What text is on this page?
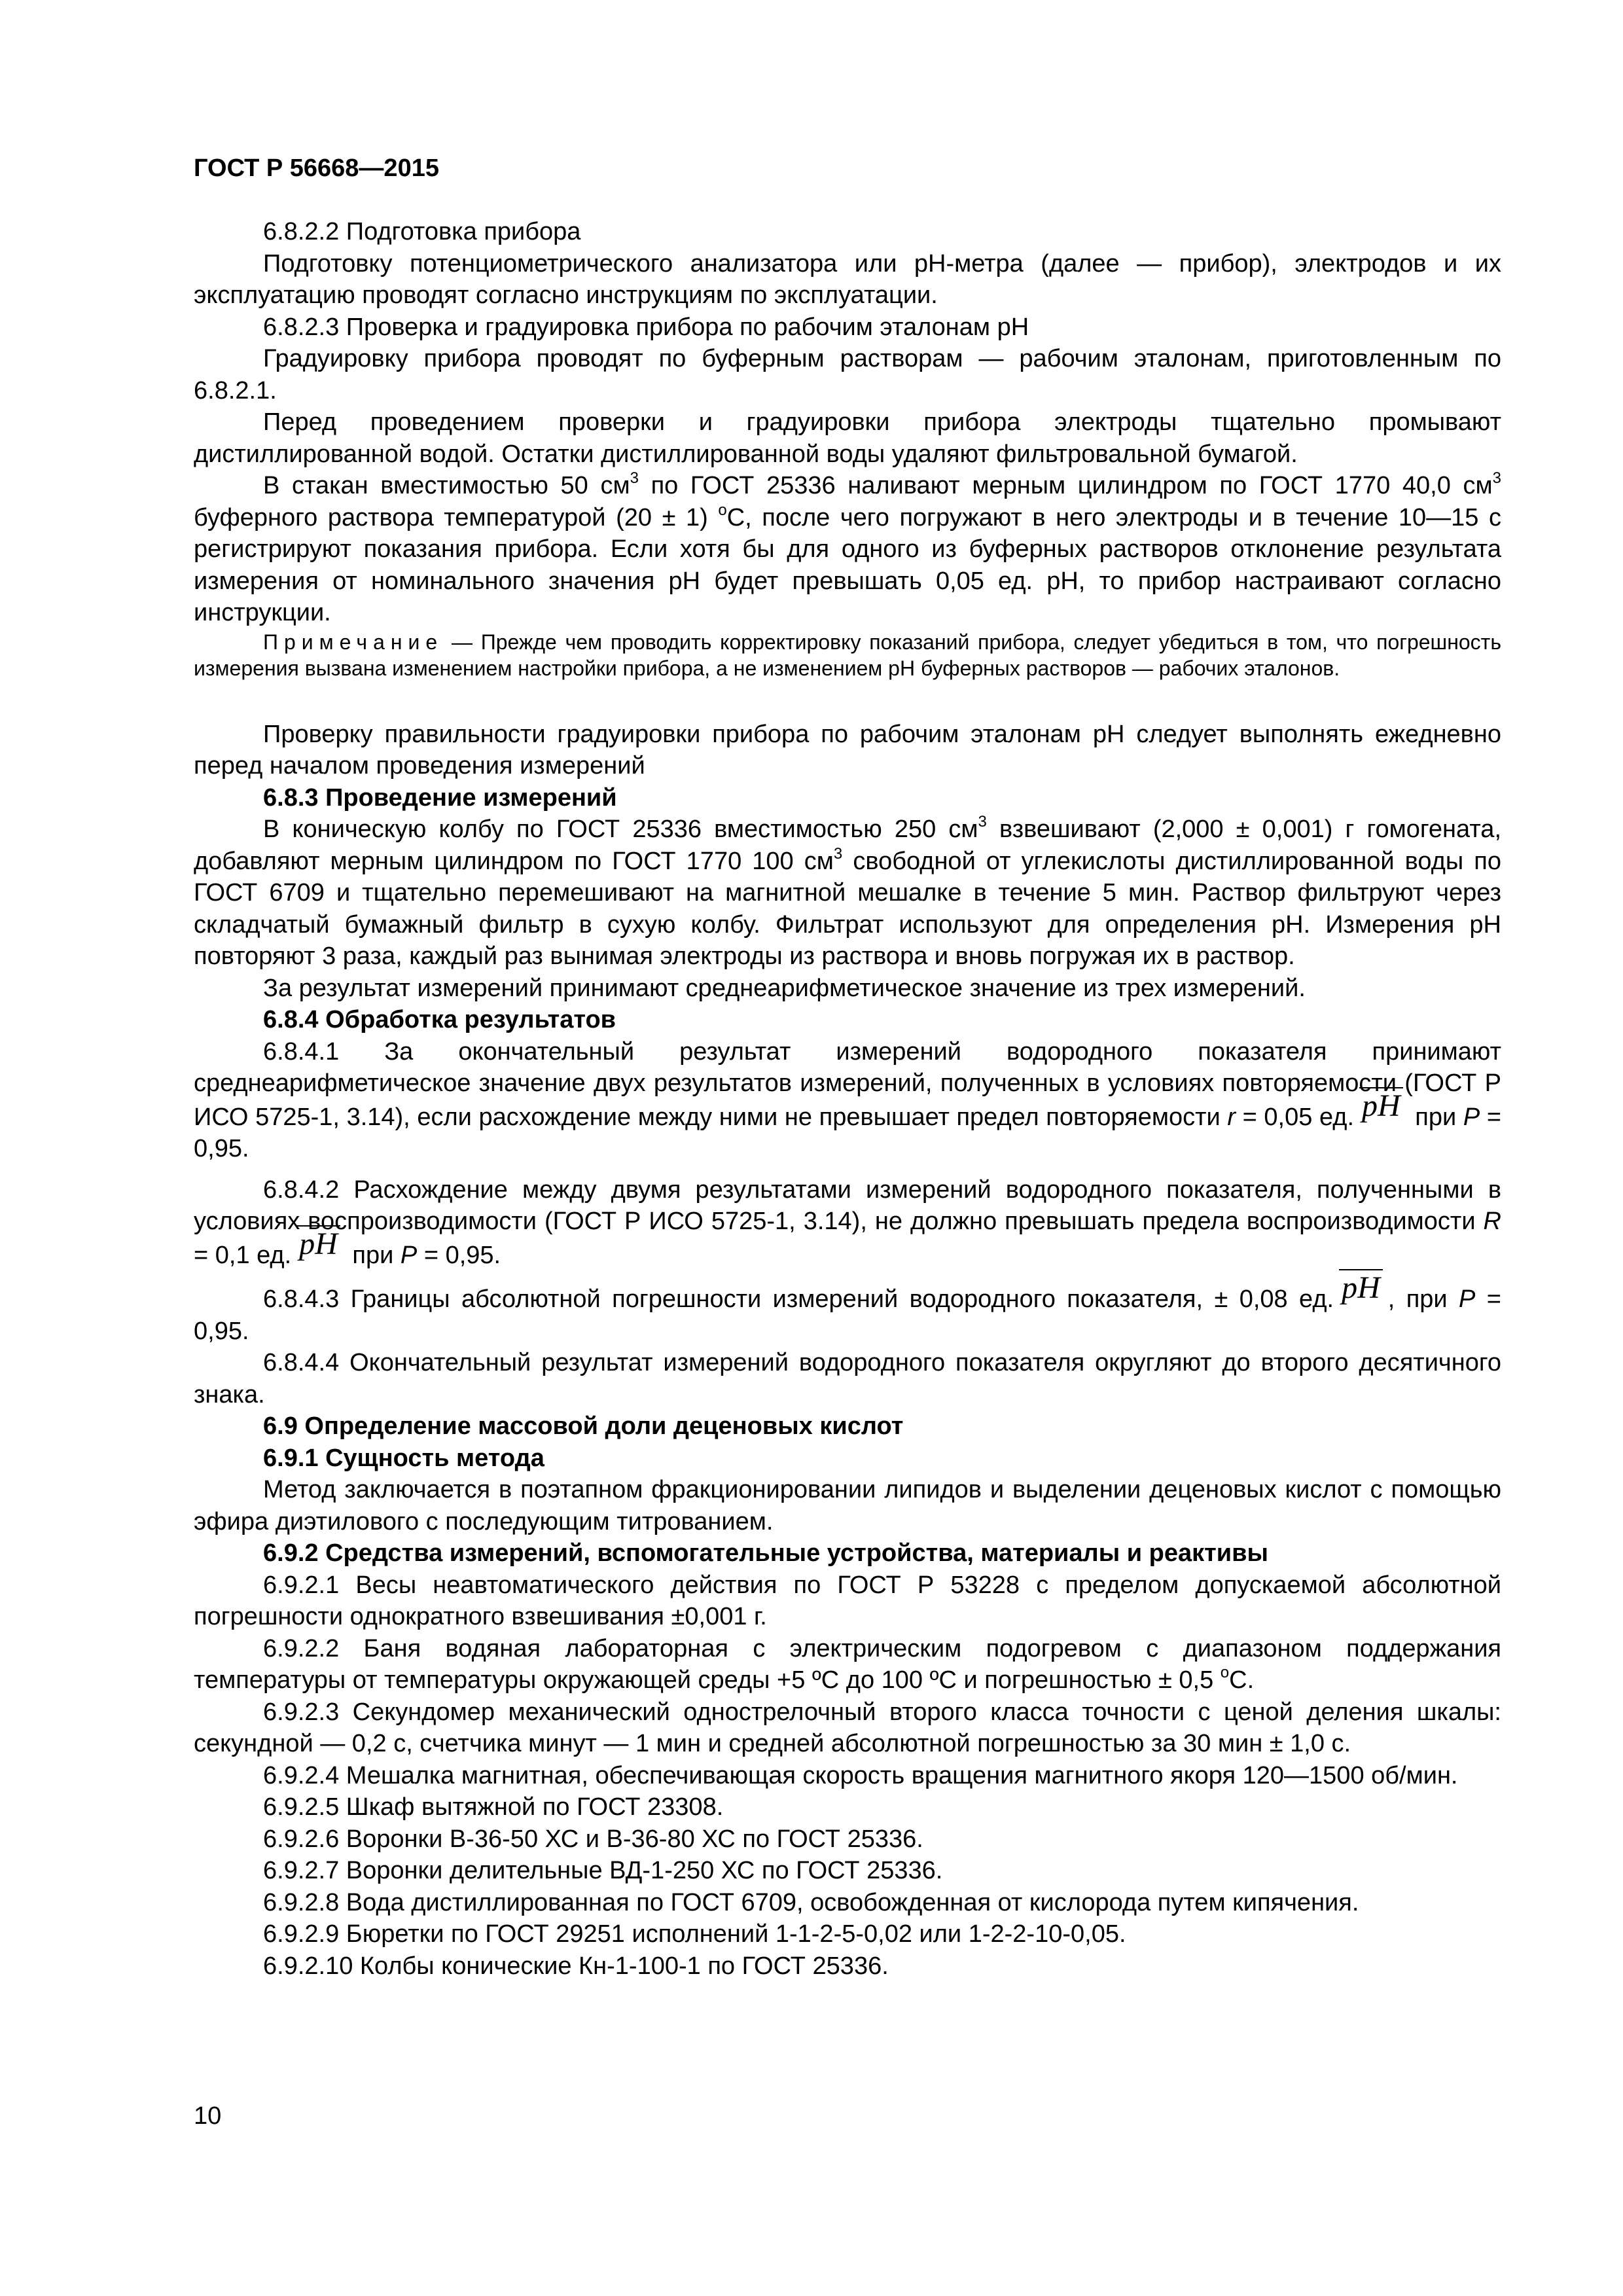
ГОСТ Р 56668—2015

6.8.2.2 Подготовка прибора

Подготовку потенциометрического анализатора или рН-метра (далее — прибор), электродов и их эксплуатацию проводят согласно инструкциям по эксплуатации.

6.8.2.3 Проверка и градуировка прибора по рабочим эталонам рН

Градуировку прибора проводят по буферным растворам — рабочим эталонам, приготовленным по 6.8.2.1.

Перед проведением проверки и градуировки прибора электроды тщательно промывают дистиллированной водой. Остатки дистиллированной воды удаляют фильтровальной бумагой.

В стакан вместимостью 50 $см^3$ по ГОСТ 25336 наливают мерным цилиндром по ГОСТ 1770 40,0 $см^3$ буферного раствора температурой (20 ± 1) $^о$С, после чего погружают в него электроды и в течение 10—15 с регистрируют показания прибора. Если хотя бы для одного из буферных растворов отклонение результата измерения от номинального значения рН будет превышать 0,05 ед. рН, то прибор настраивают согласно инструкции.

Примечание — Прежде чем проводить корректировку показаний прибора, следует убедиться в том, что погрешность измерения вызвана изменением настройки прибора, а не изменением рН буферных растворов — рабочих эталонов.

Проверку правильности градуировки прибора по рабочим эталонам рН следует выполнять ежедневно перед началом проведения измерений

6.8.3 Проведение измерений

В коническую колбу по ГОСТ 25336 вместимостью 250 $см^3$ взвешивают (2,000 ± 0,001) г гомогената, добавляют мерным цилиндром по ГОСТ 1770 100 $см^3$ свободной от углекислоты дистиллированной воды по ГОСТ 6709 и тщательно перемешивают на магнитной мешалке в течение 5 мин. Раствор фильтруют через складчатый бумажный фильтр в сухую колбу. Фильтрат используют для определения рН. Измерения рН повторяют 3 раза, каждый раз вынимая электроды из раствора и вновь погружая их в раствор.

За результат измерений принимают среднеарифметическое значение из трех измерений.

6.8.4 Обработка результатов

6.8.4.1 За окончательный результат измерений водородного показателя принимают среднеарифметическое значение двух результатов измерений, полученных в условиях повторяемости (ГОСТ Р ИСО 5725-1, 3.14), если расхождение между ними не превышает предел повторяемости r = 0,05 ед. pH при P = 0,95.

6.8.4.2 Расхождение между двумя результатами измерений водородного показателя, полученными в условиях воспроизводимости (ГОСТ Р ИСО 5725-1, 3.14), не должно превышать предела воспроизводимости R = 0,1 ед. pH при P = 0,95.

6.8.4.3 Границы абсолютной погрешности измерений водородного показателя, ± 0,08 ед. pH , при P = 0,95.

6.8.4.4 Окончательный результат измерений водородного показателя округляют до второго десятичного знака.

6.9 Определение массовой доли деценовых кислот

6.9.1 Сущность метода

Метод заключается в поэтапном фракционировании липидов и выделении деценовых кислот с помощью эфира диэтилового с последующим титрованием.

6.9.2 Средства измерений, вспомогательные устройства, материалы и реактивы

6.9.2.1 Весы неавтоматического действия по ГОСТ Р 53228 с пределом допускаемой абсолютной погрешности однократного взвешивания ±0,001 г.

6.9.2.2 Баня водяная лабораторная с электрическим подогревом с диапазоном поддержания температуры от температуры окружающей среды +5 ºС до 100 ºС и погрешностью ± 0,5 $^о$С.

6.9.2.3 Секундомер механический однострелочный второго класса точности с ценой деления шкалы: секундной — 0,2 с, счетчика минут — 1 мин и средней абсолютной погрешностью за 30 мин ± 1,0 с.

6.9.2.4 Мешалка магнитная, обеспечивающая скорость вращения магнитного якоря 120—1500 об/мин.

6.9.2.5 Шкаф вытяжной по ГОСТ 23308.

6.9.2.6 Воронки В-36-50 ХС и В-36-80 ХС по ГОСТ 25336.

6.9.2.7 Воронки делительные ВД-1-250 ХС по ГОСТ 25336.

6.9.2.8 Вода дистиллированная по ГОСТ 6709, освобожденная от кислорода путем кипячения.

6.9.2.9 Бюретки по ГОСТ 29251 исполнений 1-1-2-5-0,02 или 1-2-2-10-0,05.

6.9.2.10 Колбы конические Кн-1-100-1 по ГОСТ 25336.

10
